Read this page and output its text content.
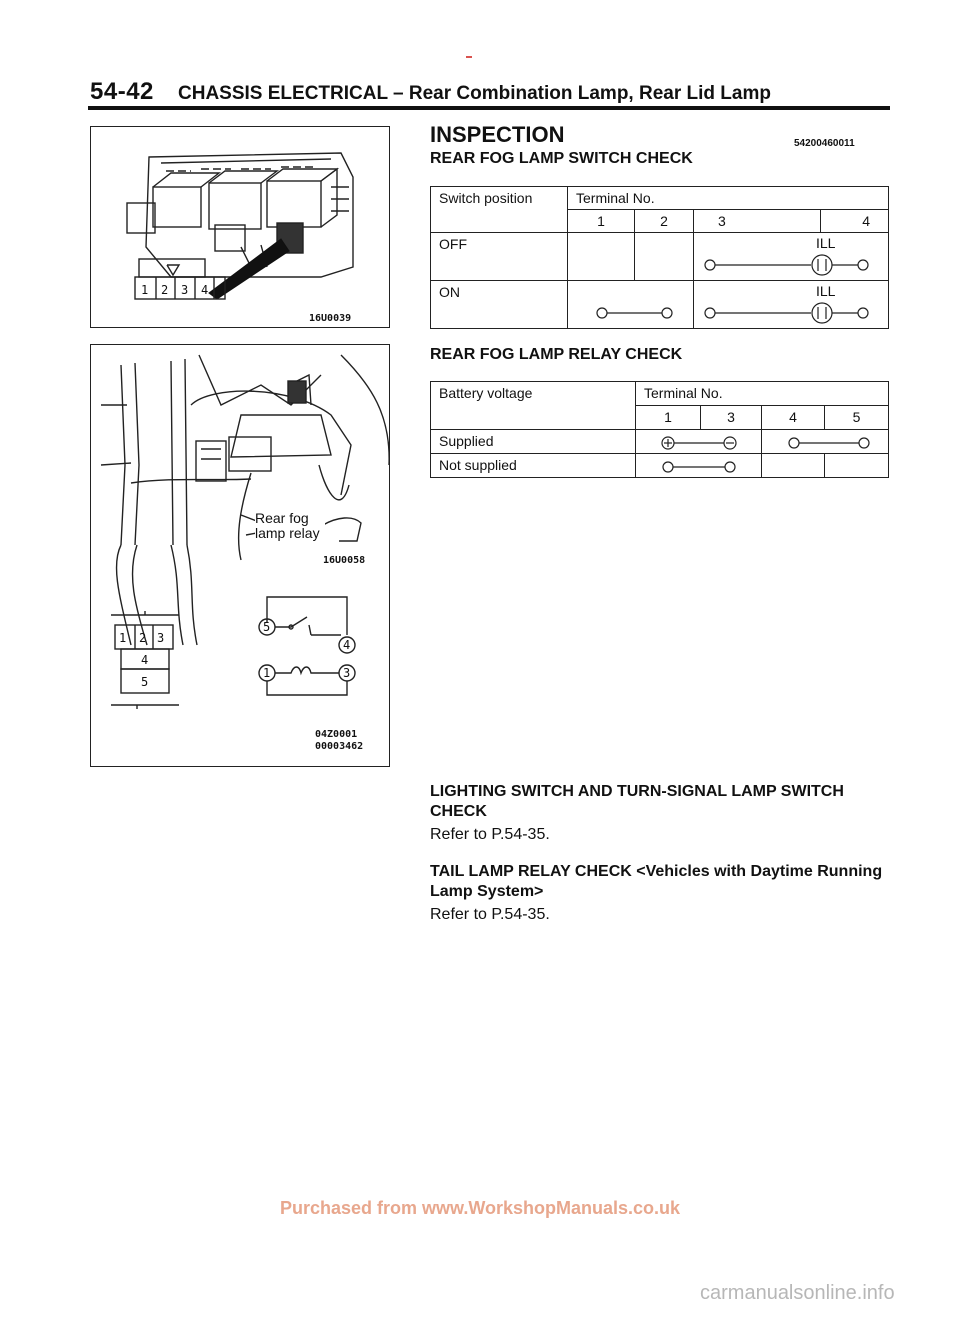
54-42 CHASSIS ELECTRICAL – Rear Combination Lamp, Rear Lid Lamp
1 2 3 4
16U0039
1 2 3
4
5
5
4
1	3
Rear fog lamp relay
16U0058
04Z0001
00003462
INSPECTION	54200460011
REAR FOG LAMP SWITCH CHECK
Switch position	Terminal No.			

	1	2	3	4

OFF			ILL	

ON			ILL	
REAR FOG LAMP RELAY CHECK
Battery voltage	Terminal No.			

	1	3	4	5

Supplied

Not supplied

LIGHTING SWITCH AND TURN-SIGNAL LAMP SWITCH CHECK
Refer to P.54-35.
TAIL LAMP RELAY CHECK <Vehicles with Daytime Running Lamp System>
Refer to P.54-35.
Purchased from www.WorkshopManuals.co.uk
carmanualsonline.info
